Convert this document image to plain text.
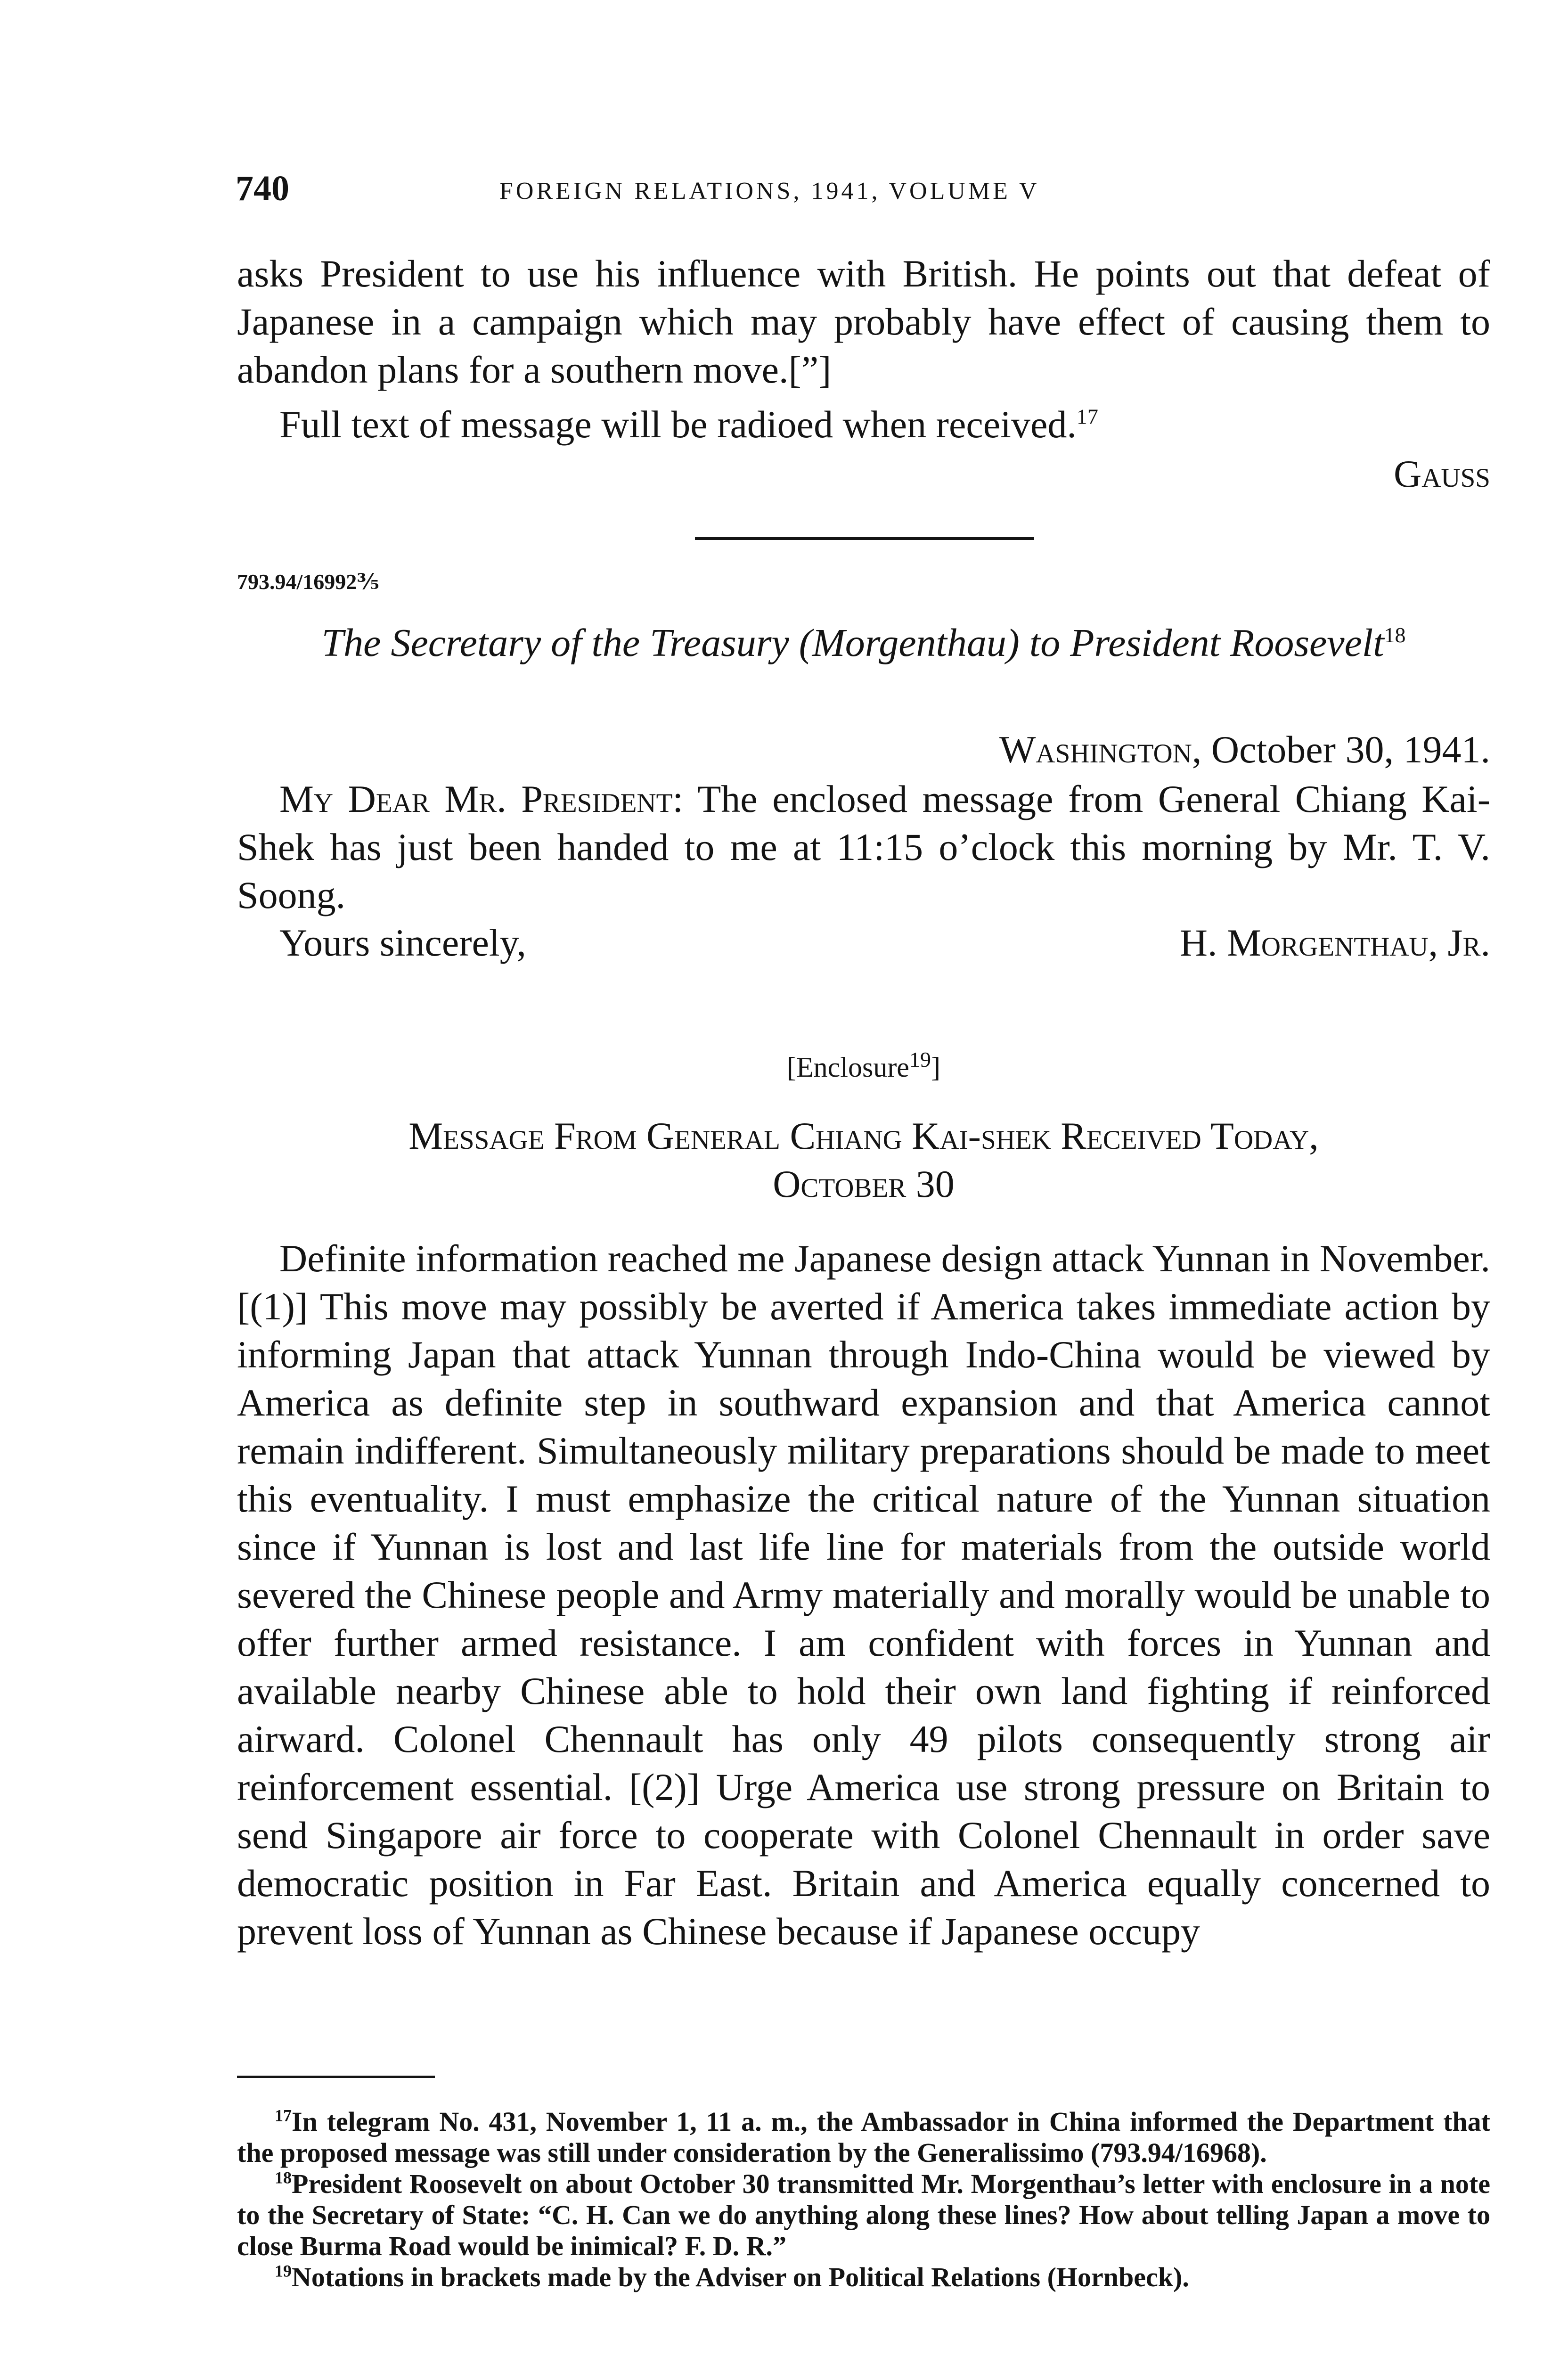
740	FOREIGN RELATIONS, 1941, VOLUME V
asks President to use his influence with British. He points out that defeat of Japanese in a campaign which may probably have effect of causing them to abandon plans for a southern move.[”]
Full text of message will be radioed when received.$^{17}$
Gauss
793.94/16992⅗
The Secretary of the Treasury (Morgenthau) to President Roosevelt$^{18}$
Washington, October 30, 1941.
My Dear Mr. President: The enclosed message from General Chiang Kai-Shek has just been handed to me at 11:15 o’clock this morning by Mr. T. V. Soong.
Yours sincerely,	H. Morgenthau, Jr.
[Enclosure$^{19}$]
Message From General Chiang Kai-shek Received Today,
October 30
Definite information reached me Japanese design attack Yunnan in November. [(1)] This move may possibly be averted if America takes immediate action by informing Japan that attack Yunnan through Indo-China would be viewed by America as definite step in southward expansion and that America cannot remain indifferent. Simultaneously military preparations should be made to meet this eventuality. I must emphasize the critical nature of the Yunnan situation since if Yunnan is lost and last life line for materials from the outside world severed the Chinese people and Army materially and morally would be unable to offer further armed resistance. I am confident with forces in Yunnan and available nearby Chinese able to hold their own land fighting if reinforced airward. Colonel Chennault has only 49 pilots consequently strong air reinforcement essential. [(2)] Urge America use strong pressure on Britain to send Singapore air force to cooperate with Colonel Chennault in order save democratic position in Far East. Britain and America equally concerned to prevent loss of Yunnan as Chinese because if Japanese occupy

$^{17}$In telegram No. 431, November 1, 11 a. m., the Ambassador in China informed the Department that the proposed message was still under consideration by the Generalissimo (793.94/16968).

$^{18}$President Roosevelt on about October 30 transmitted Mr. Morgenthau’s letter with enclosure in a note to the Secretary of State: “C. H. Can we do anything along these lines? How about telling Japan a move to close Burma Road would be inimical? F. D. R.”

$^{19}$Notations in brackets made by the Adviser on Political Relations (Hornbeck).
